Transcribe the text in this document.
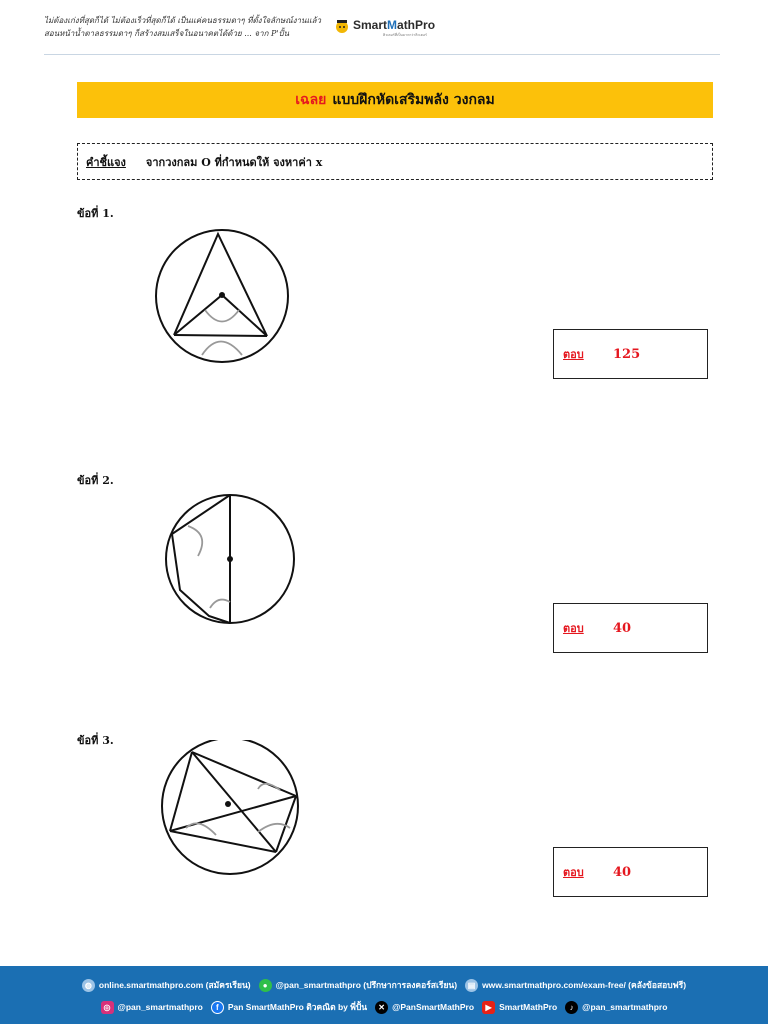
ไม่ต้องเก่งที่สุดก็ได้ ไม่ต้องเร็วที่สุดก็ได้ เป็นแค่คนธรรมดาๆ ที่ตั้งใจลักษณ์งานแล้ว
สอนหน้าน้ำตาลธรรมดาๆ ก็สร้างสมเสร็จในอนาคตได้ด้วย ... จาก P'ปั้น
SmartMathPro
ติวเตอร์ที่เป็นมากกว่าติวเตอร์
เฉลย แบบฝึกหัดเสริมพลัง วงกลม
คำชี้แจง จากวงกลม O ที่กำหนดให้ จงหาค่า x
ข้อที่ 1.
ตอบ	125
ข้อที่ 2.
ตอบ	40
ข้อที่ 3.
ตอบ	40
◍ online.smartmathpro.com (สมัครเรียน)	● @pan_smartmathpro (ปรึกษาการลงคอร์สเรียน)	▤ www.smartmathpro.com/exam-free/ (คลังข้อสอบฟรี)
◎ @pan_smartmathpro	f	Pan SmartMathPro ติวคณิต by พี่ปั้น	✕ @PanSmartMathPro	▶ SmartMathPro	♪	@pan_smartmathpro
